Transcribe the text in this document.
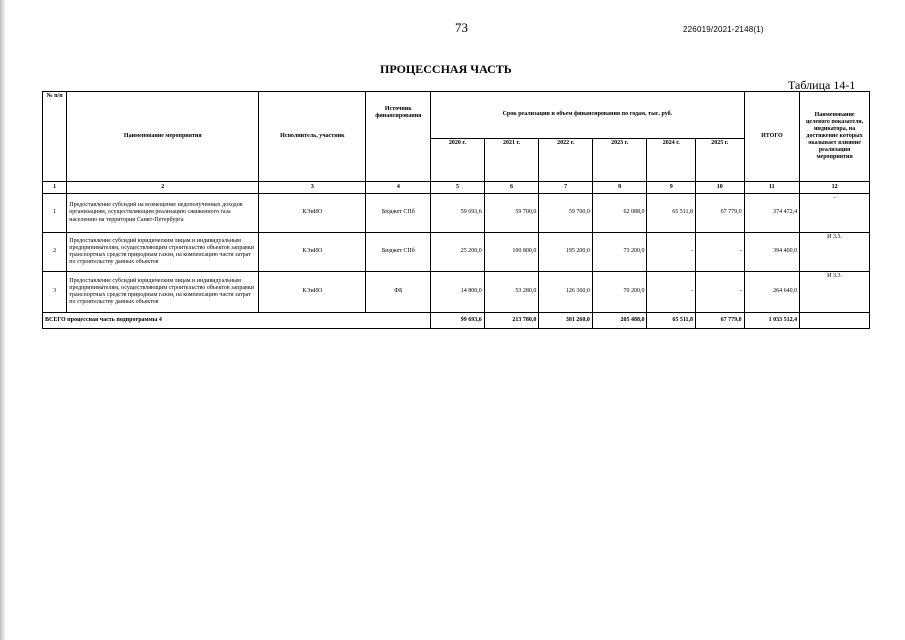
73	226019/2021-2148(1)
ПРОЦЕССНАЯ ЧАСТЬ
Таблица 14-1
№ п/п	Наименование мероприятия	Исполнитель, участник	Источник финансирования	Срок реализации и объем финансирования по годам, тыс. руб.						ИТОГО	Наименование целевого показателя, индикатора, на достижение которых оказывает влияние реализация мероприятия
				2020 г.	2021 г.	2022 г.	2023 г.	2024 г.	2025 г.		
1	2	3	4	5	6	7	8	9	10	11	12
1	Предоставление субсидий на возмещение недополученных доходов организациям, осуществляющим реализацию сжиженного газа населению на территории Санкт-Петербурга	КЭиИО	Бюджет СПб	59 693,6	59 700,0	59 700,0	62 088,0	65 511,8	67 779,0	374 472,4	-
2	Предоставление субсидий юридическим лицам и индивидуальным предпринимателям, осуществляющим строительство объектов заправки транспортных средств природным газом, на компенсацию части затрат по строительству данных объектов	КЭиИО	Бюджет СПб	25 200,0	100 800,0	195 200,0	73 200,0	-	-	394 400,0	И 3.3.
3	Предоставление субсидий юридическим лицам и индивидуальным предпринимателям, осуществляющим строительство объектов заправки транспортных средств природным газом, на компенсацию части затрат по строительству данных объектов	КЭиИО	ФБ	14 800,0	53 280,0	126 360,0	70 200,0	-	-	264 640,0	И 3.3.
ВСЕГО процессная часть подпрограммы 4				99 693,6	213 780,0	381 260,0	205 488,0	65 511,8	67 779,0	1 033 512,4	
